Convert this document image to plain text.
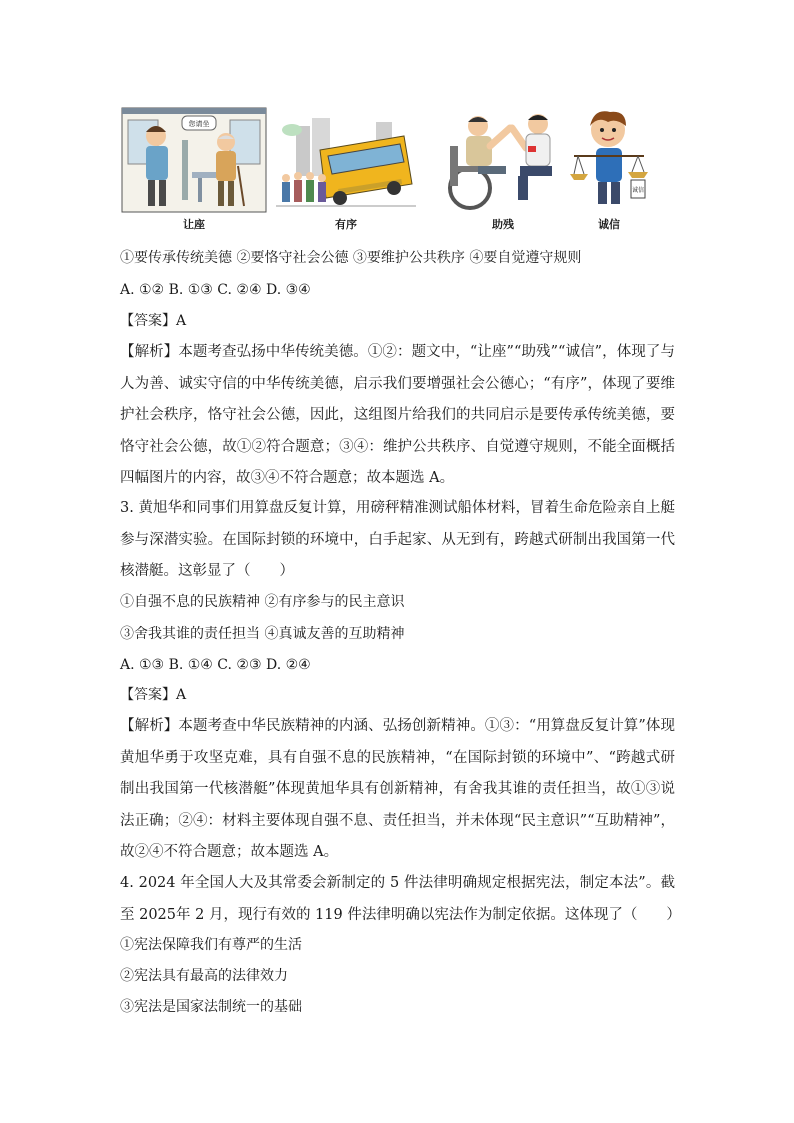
您请坐
让座	有序	助残
诚信
诚信
①要传承传统美德 ②要恪守社会公德 ③要维护公共秩序 ④要自觉遵守规则
A. ①② B. ①③ C. ②④ D. ③④
【答案】A
【解析】本题考查弘扬中华传统美德。①②：题文中，“让座”“助残”“诚信”，体现了与人为善、诚实守信的中华传统美德，启示我们要增强社会公德心；“有序”，体现了要维护社会秩序，恪守社会公德，因此，这组图片给我们的共同启示是要传承传统美德，要恪守社会公德，故①②符合题意；③④：维护公共秩序、自觉遵守规则，不能全面概括四幅图片的内容，故③④不符合题意；故本题选 A。
3. 黄旭华和同事们用算盘反复计算，用磅秤精准测试船体材料，冒着生命危险亲自上艇参与深潜实验。在国际封锁的环境中，白手起家、从无到有，跨越式研制出我国第一代核潜艇。这彰显了（　　）
①自强不息的民族精神 ②有序参与的民主意识
③舍我其谁的责任担当 ④真诚友善的互助精神
A. ①③ B. ①④ C. ②③ D. ②④
【答案】A
【解析】本题考查中华民族精神的内涵、弘扬创新精神。①③：“用算盘反复计算”体现黄旭华勇于攻坚克难，具有自强不息的民族精神，“在国际封锁的环境中”、“跨越式研制出我国第一代核潜艇”体现黄旭华具有创新精神，有舍我其谁的责任担当，故①③说法正确；②④：材料主要体现自强不息、责任担当，并未体现“民主意识”“互助精神”，故②④不符合题意；故本题选 A。
4. 2024 年全国人大及其常委会新制定的 5 件法律明确规定根据宪法，制定本法”。截至 2025年 2 月，现行有效的 119 件法律明确以宪法作为制定依据。这体现了（　　）
①宪法保障我们有尊严的生活
②宪法具有最高的法律效力
③宪法是国家法制统一的基础
